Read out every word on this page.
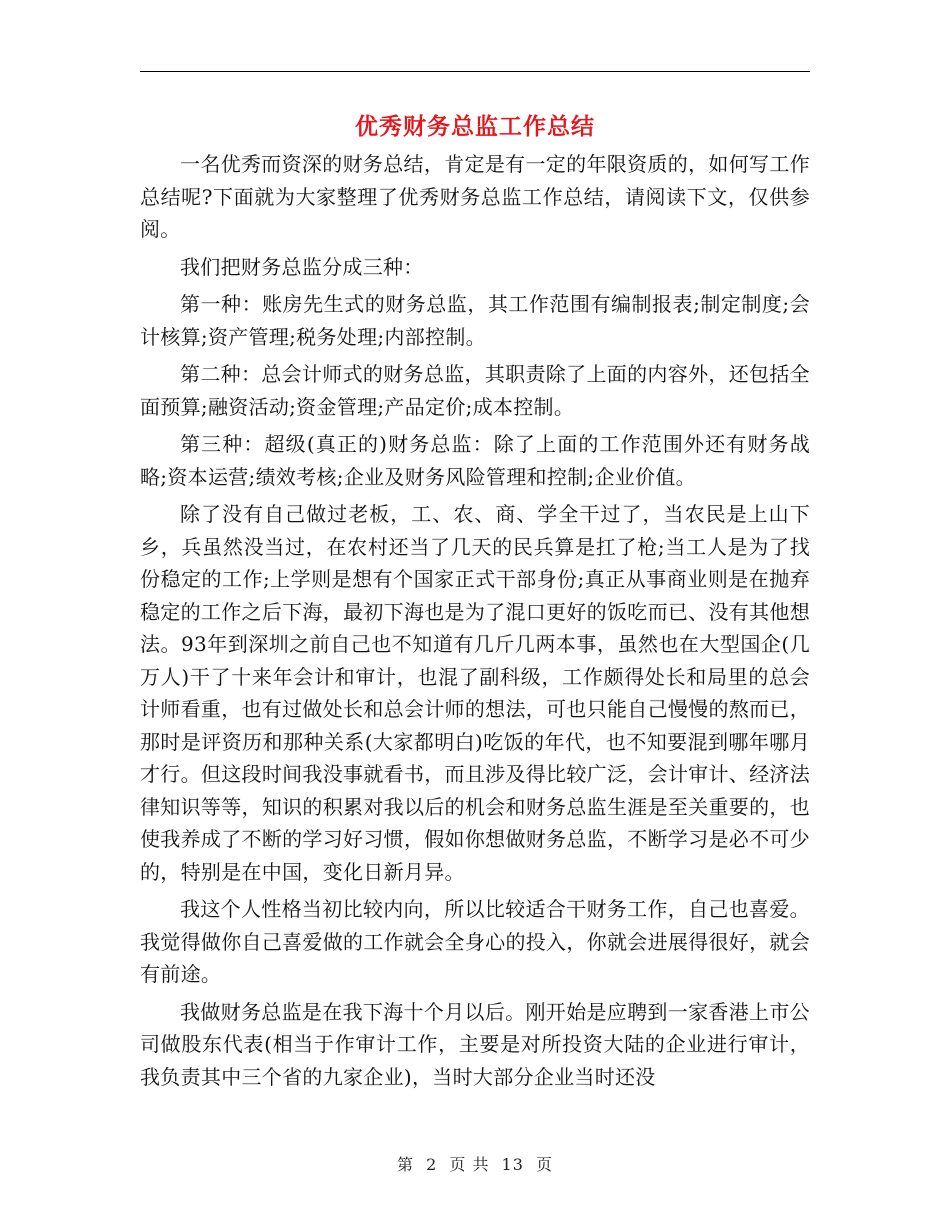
优秀财务总监工作总结

一名优秀而资深的财务总结，肯定是有一定的年限资质的，如何写工作总结呢?下面就为大家整理了优秀财务总监工作总结，请阅读下文，仅供参阅。

我们把财务总监分成三种：

第一种：账房先生式的财务总监，其工作范围有编制报表;制定制度;会计核算;资产管理;税务处理;内部控制。

第二种：总会计师式的财务总监，其职责除了上面的内容外，还包括全面预算;融资活动;资金管理;产品定价;成本控制。

第三种：超级(真正的)财务总监：除了上面的工作范围外还有财务战略;资本运营;绩效考核;企业及财务风险管理和控制;企业价值。

除了没有自己做过老板，工、农、商、学全干过了，当农民是上山下乡，兵虽然没当过，在农村还当了几天的民兵算是扛了枪;当工人是为了找份稳定的工作;上学则是想有个国家正式干部身份;真正从事商业则是在抛弃稳定的工作之后下海，最初下海也是为了混口更好的饭吃而已、没有其他想法。93年到深圳之前自己也不知道有几斤几两本事，虽然也在大型国企(几万人)干了十来年会计和审计，也混了副科级，工作颇得处长和局里的总会计师看重，也有过做处长和总会计师的想法，可也只能自己慢慢的熬而已，那时是评资历和那种关系(大家都明白)吃饭的年代，也不知要混到哪年哪月才行。但这段时间我没事就看书，而且涉及得比较广泛，会计审计、经济法律知识等等，知识的积累对我以后的机会和财务总监生涯是至关重要的，也使我养成了不断的学习好习惯，假如你想做财务总监，不断学习是必不可少的，特别是在中国，变化日新月异。

我这个人性格当初比较内向，所以比较适合干财务工作，自己也喜爱。我觉得做你自己喜爱做的工作就会全身心的投入，你就会进展得很好，就会有前途。

我做财务总监是在我下海十个月以后。刚开始是应聘到一家香港上市公司做股东代表(相当于作审计工作，主要是对所投资大陆的企业进行审计，我负责其中三个省的九家企业)，当时大部分企业当时还没

第 2 页 共 13 页
